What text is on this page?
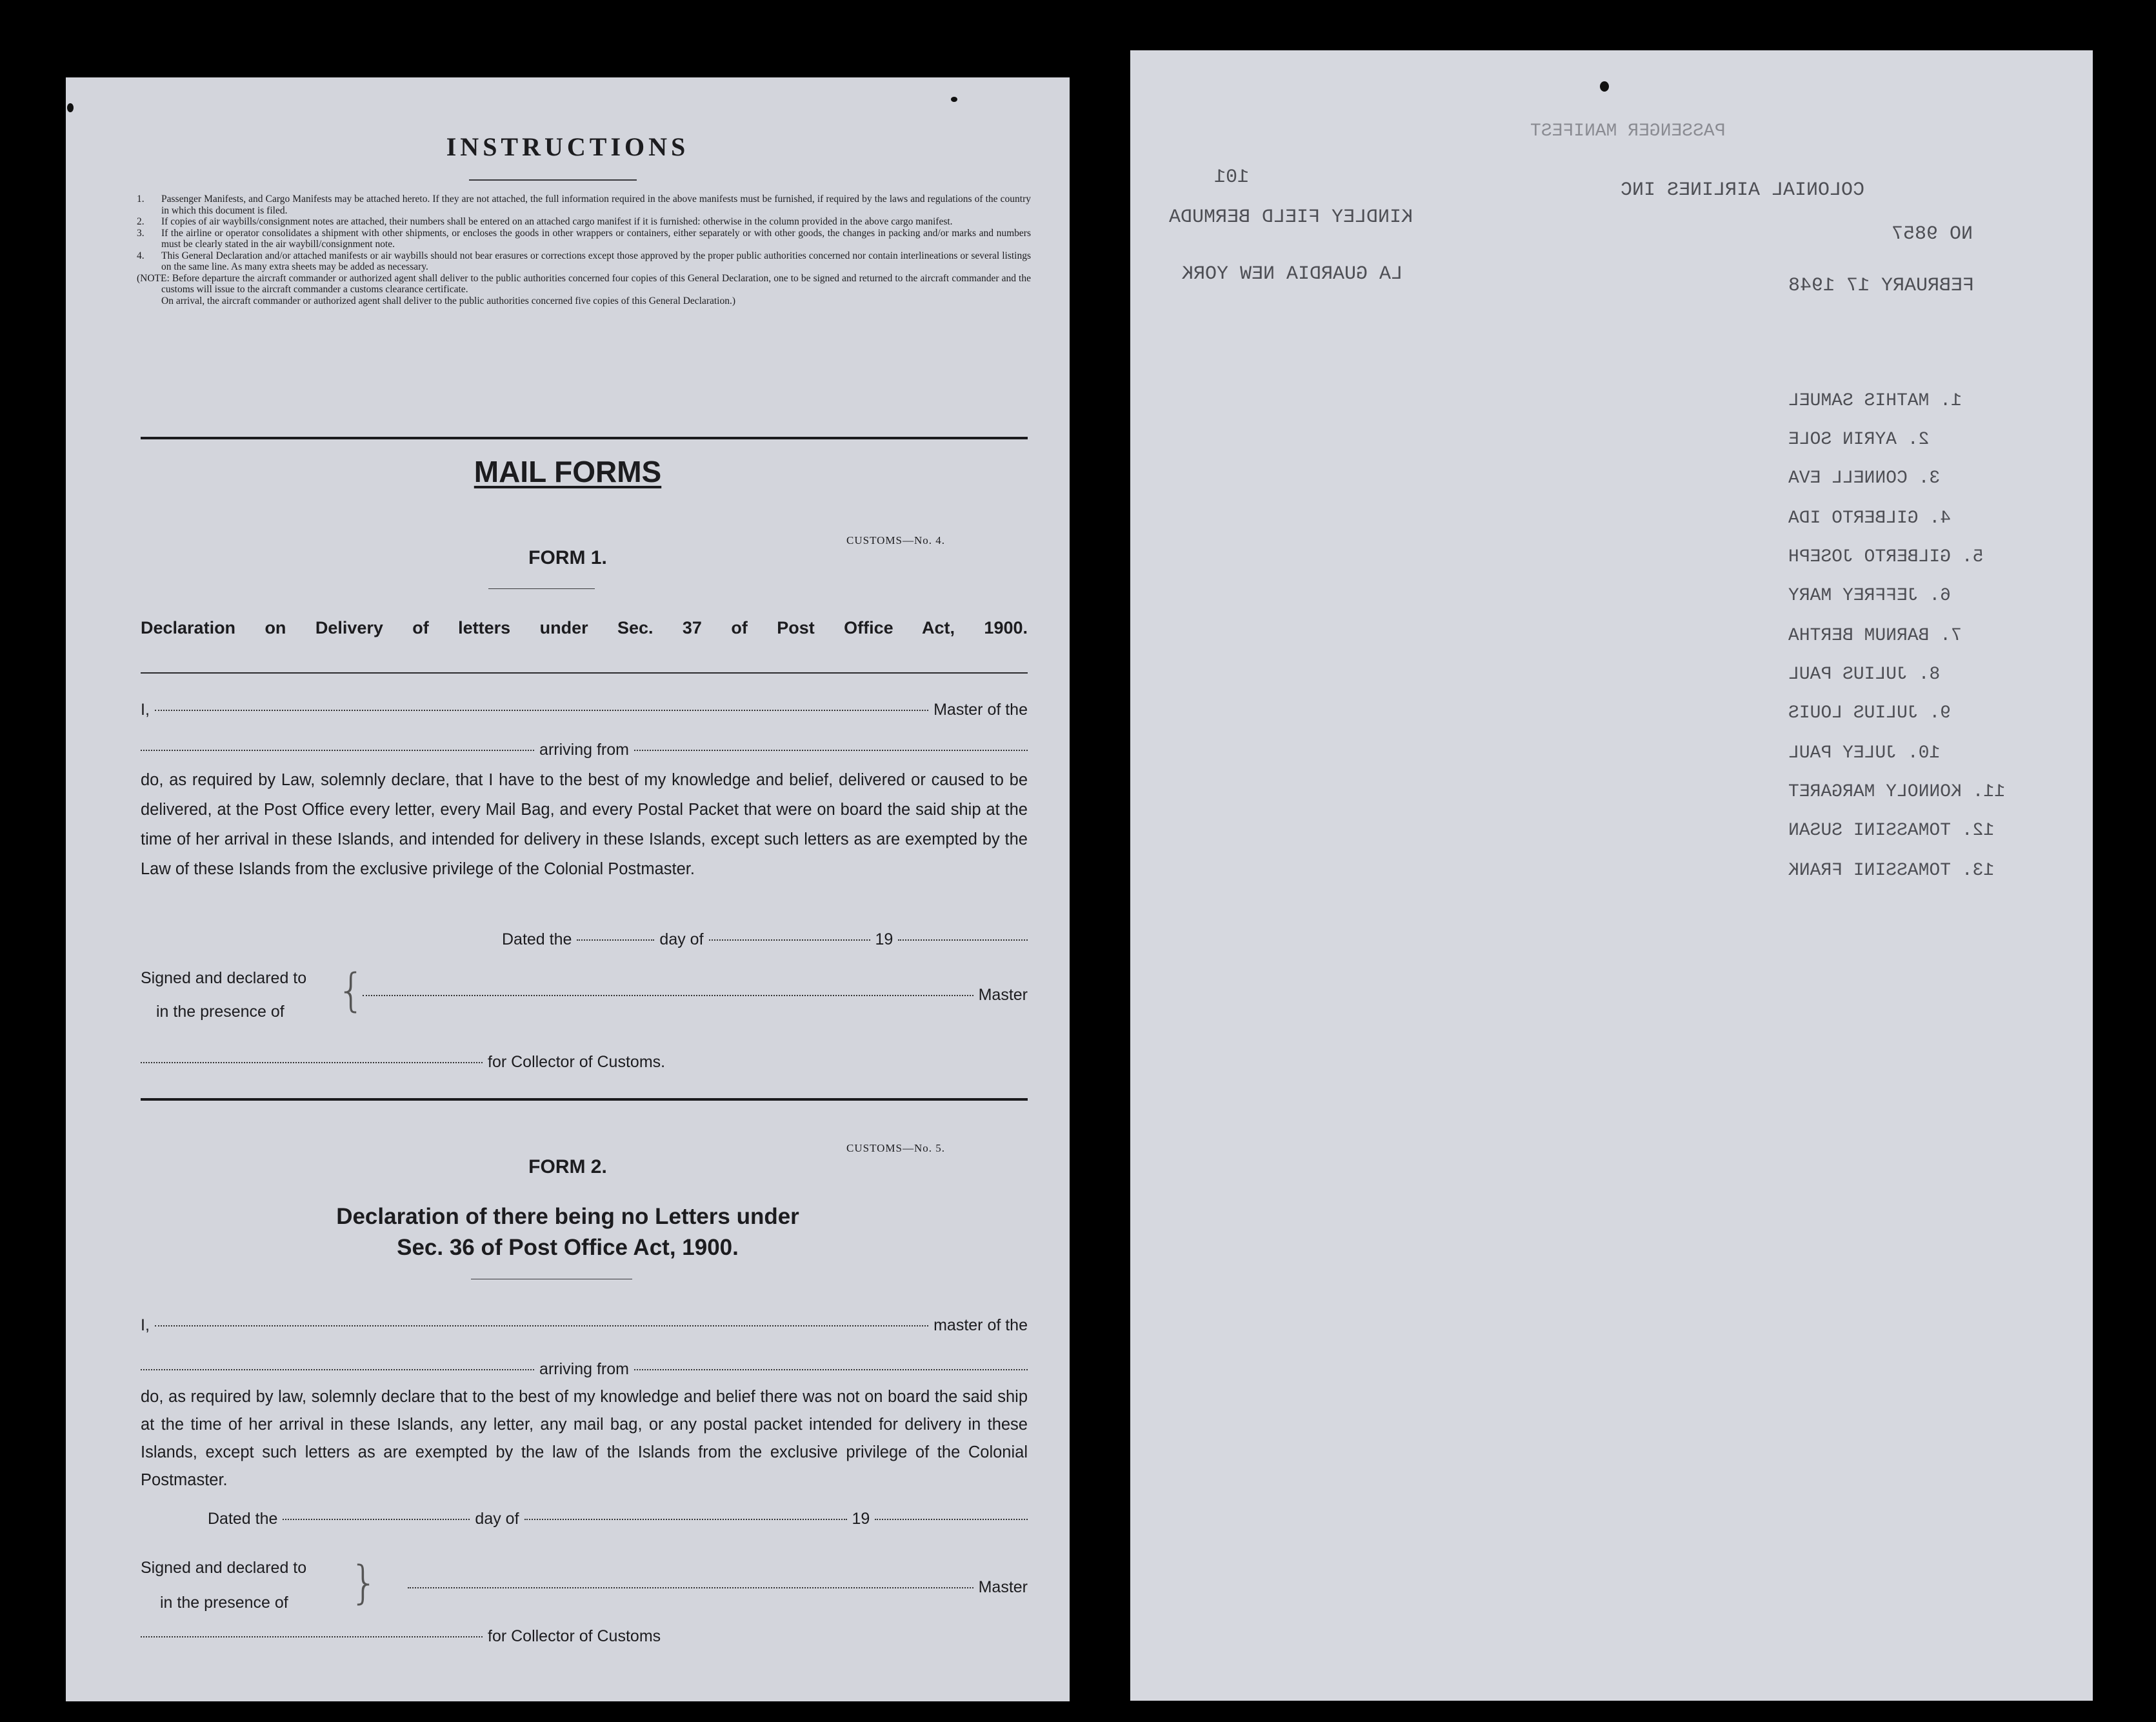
INSTRUCTIONS
1. Passenger Manifests, and Cargo Manifests may be attached hereto. If they are not attached, the full information required in the above manifests must be furnished, if required by the laws and regulations of the country in which this document is filed.
2. If copies of air waybills/consignment notes are attached, their numbers shall be entered on an attached cargo manifest if it is furnished: otherwise in the column provided in the above cargo manifest.
3. If the airline or operator consolidates a shipment with other shipments, or encloses the goods in other wrappers or containers, either separately or with other goods, the changes in packing and/or marks and numbers must be clearly stated in the air waybill/consignment note.
4. This General Declaration and/or attached manifests or air waybills should not bear erasures or corrections except those approved by the proper public authorities concerned nor contain interlineations or several listings on the same line. As many extra sheets may be added as necessary.
(NOTE: Before departure the aircraft commander or authorized agent shall deliver to the public authorities concerned four copies of this General Declaration, one to be signed and returned to the aircraft commander and the customs will issue to the aircraft commander a customs clearance certificate.
On arrival, the aircraft commander or authorized agent shall deliver to the public authorities concerned five copies of this General Declaration.)
MAIL FORMS
CUSTOMS—No. 4.
FORM 1.
Declaration on Delivery of letters under Sec. 37 of Post Office Act, 1900.
I,	Master of the
arriving from

do, as required by Law, solemnly declare, that I have to the best of my knowledge and belief, delivered or caused to be delivered, at the Post Office every letter, every Mail Bag, and every Postal Packet that were on board the said ship at the time of her arrival in these Islands, and intended for delivery in these Islands, except such letters as are exempted by the Law of these Islands from the exclusive privilege of the Colonial Postmaster.

Dated the	day of	19
Signed and declared to
in the presence of {	Master
for Collector of Customs.
CUSTOMS—No. 5.
FORM 2.
Declaration of there being no Letters under
Sec. 36 of Post Office Act, 1900.
I,	master of the
arriving from

do, as required by law, solemnly declare that to the best of my knowledge and belief there was not on board the said ship at the time of her arrival in these Islands, any letter, any mail bag, or any postal packet intended for delivery in these Islands, except such letters as are exempted by the law of the Islands from the exclusive privilege of the Colonial Postmaster.

Dated the	day of	19
Signed and declared to
in the presence of }	Master
for Collector of Customs
PASSENGER MANIFEST
COLONIAL AIRLINES INC
KINDLEY FIELD BERMUDA
101
NO 9857
LA GUARDIA NEW YORK
FEBRUARY 17 1948
1. MATHIS SAMUEL
2. AYRIN SOLE
3. CONNELL EVA
4. GILBERTO IDA
5. GILBERTO JOSEPH
6. JEFFREY MARY
7. BARNUM BERTHA
8. JULIUS PAUL
9. JULIUS LOUIS
10. JULEY PAUL
11. KONNOLY MARGARET
12. TOMASSINI SUSAN
13. TOMASSINI FRANK
